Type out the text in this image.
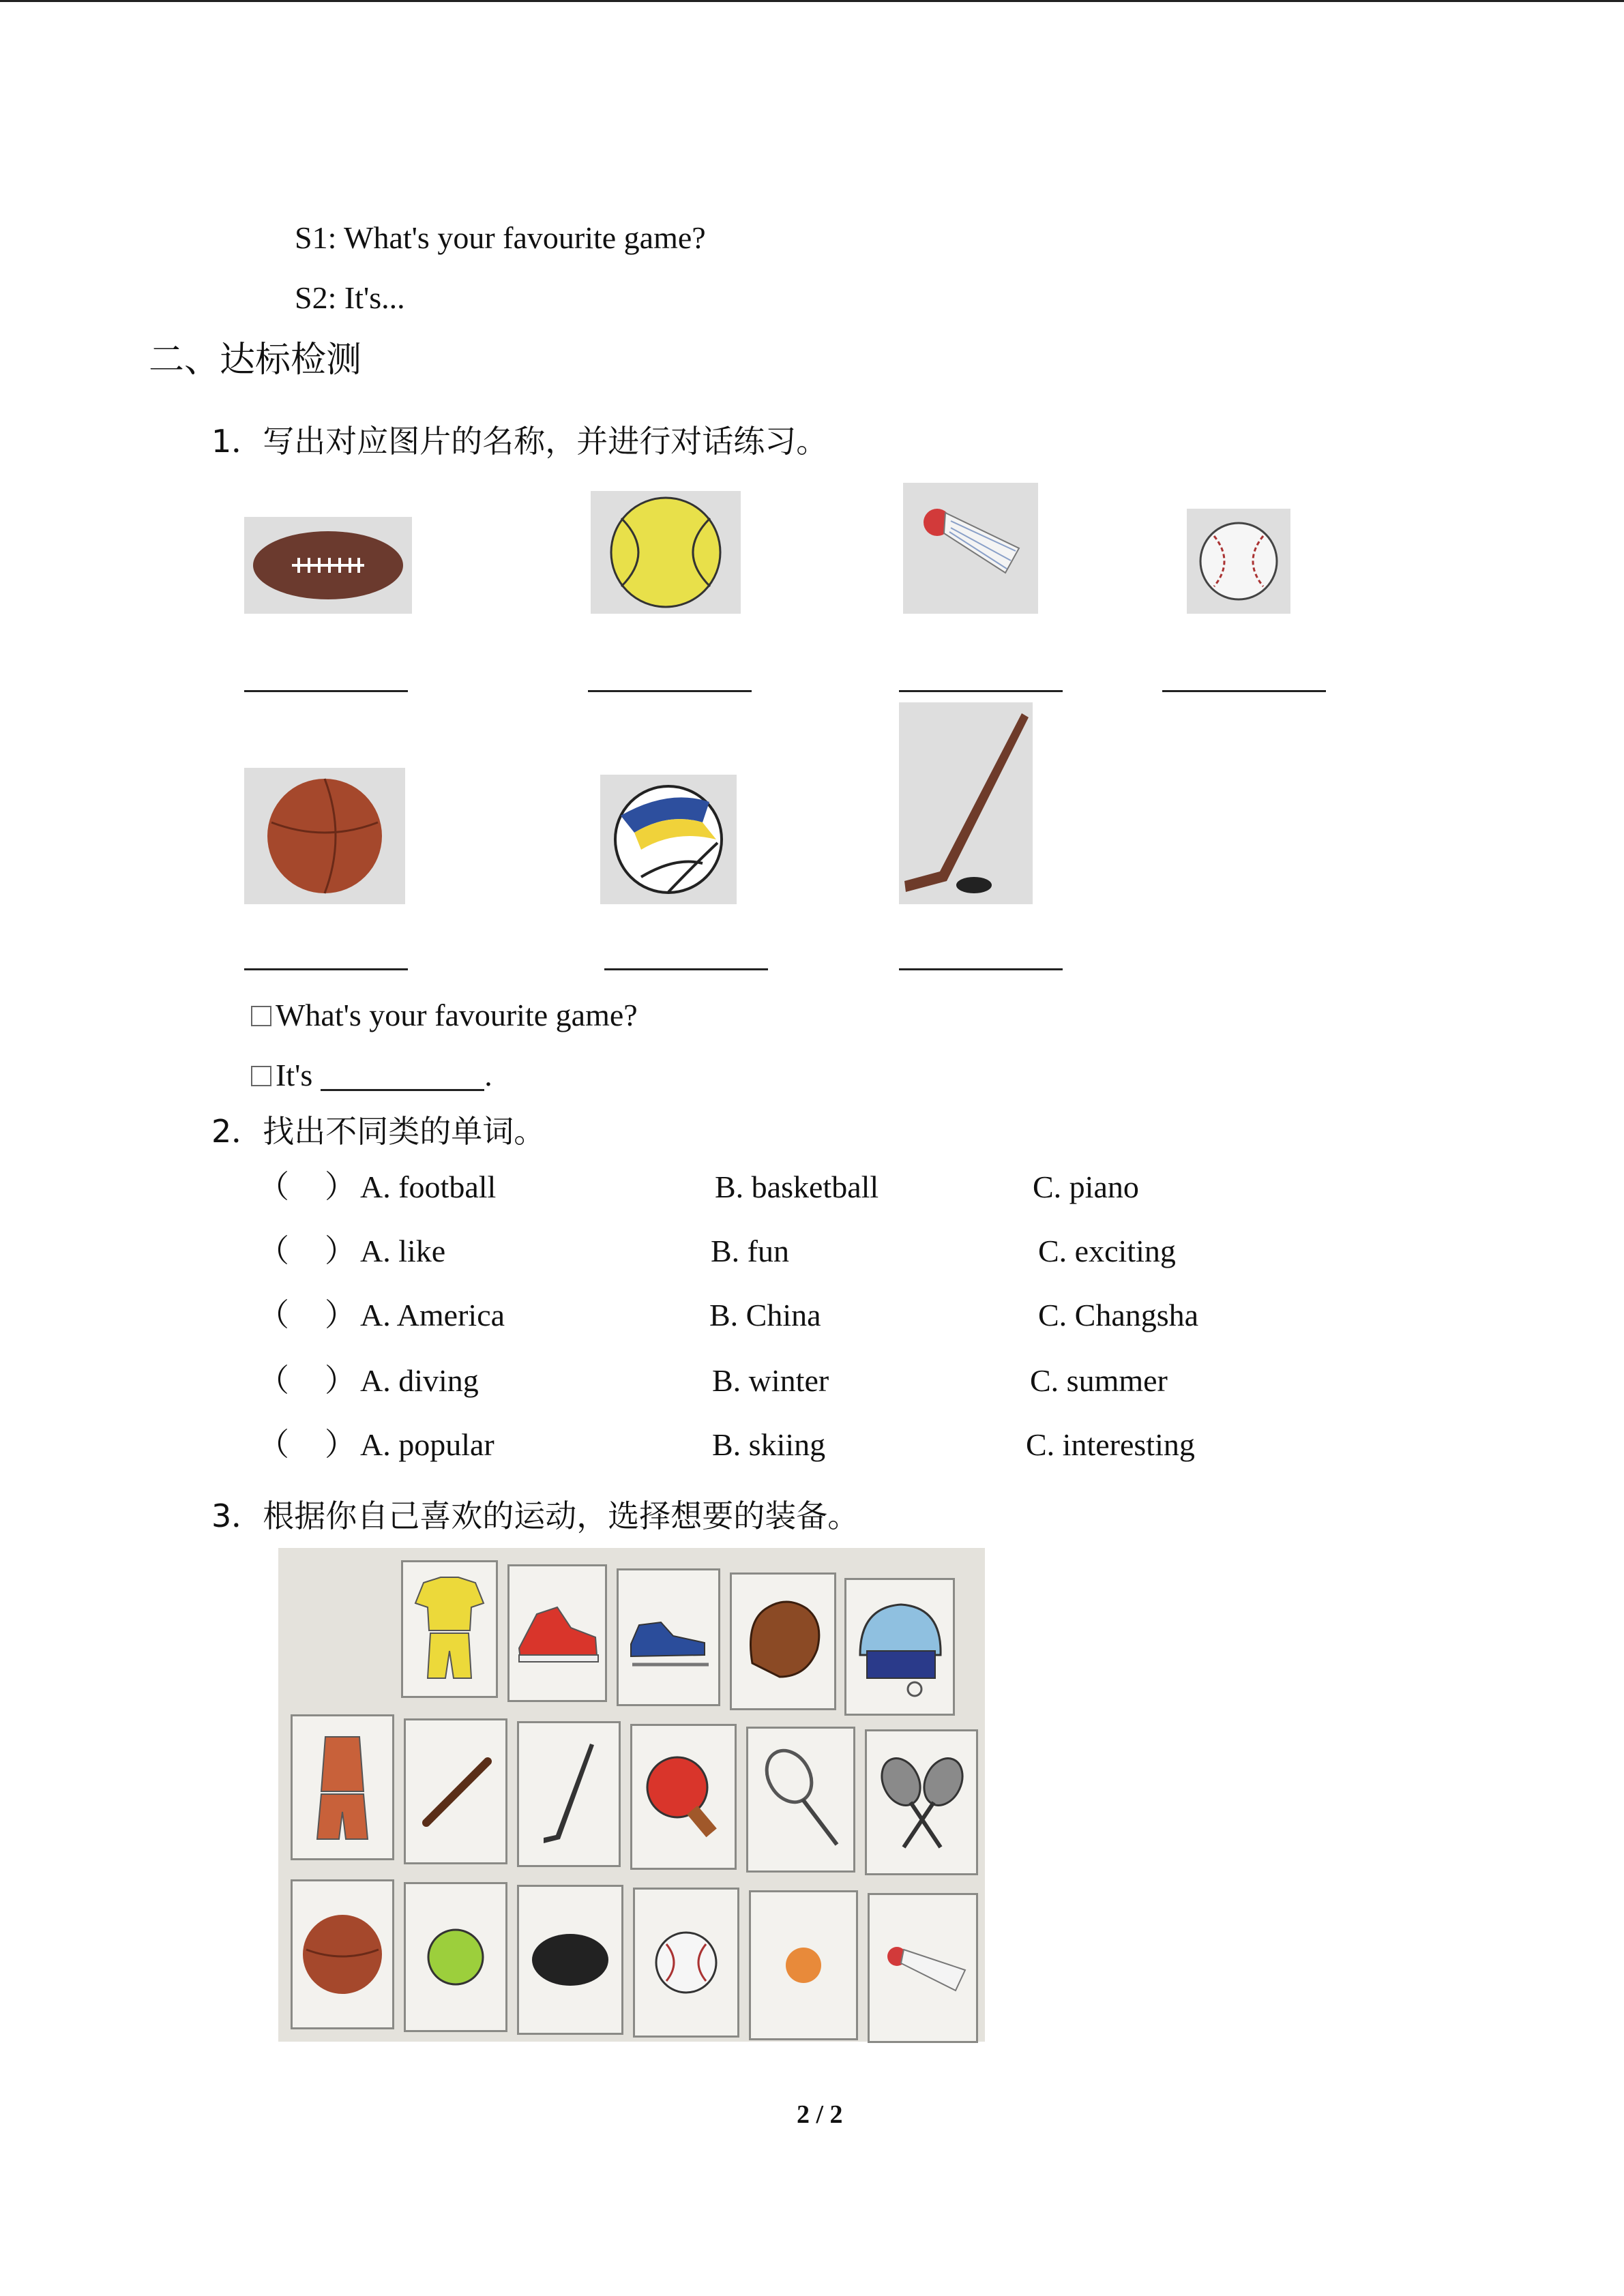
S1: What's your favourite game?
S2: It's...
二、达标检测
1．写出对应图片的名称，并进行对话练习。
What's your favourite game?
It's	.
2．找出不同类的单词。
（ ） A. football	B. basketball	C. piano
（ ） A. like	B. fun	C. exciting
（ ） A. America	B. China	C. Changsha
（ ） A. diving	B. winter	C. summer
（ ） A. popular	B. skiing	C. interesting
3．根据你自己喜欢的运动，选择想要的装备。
2 / 2
